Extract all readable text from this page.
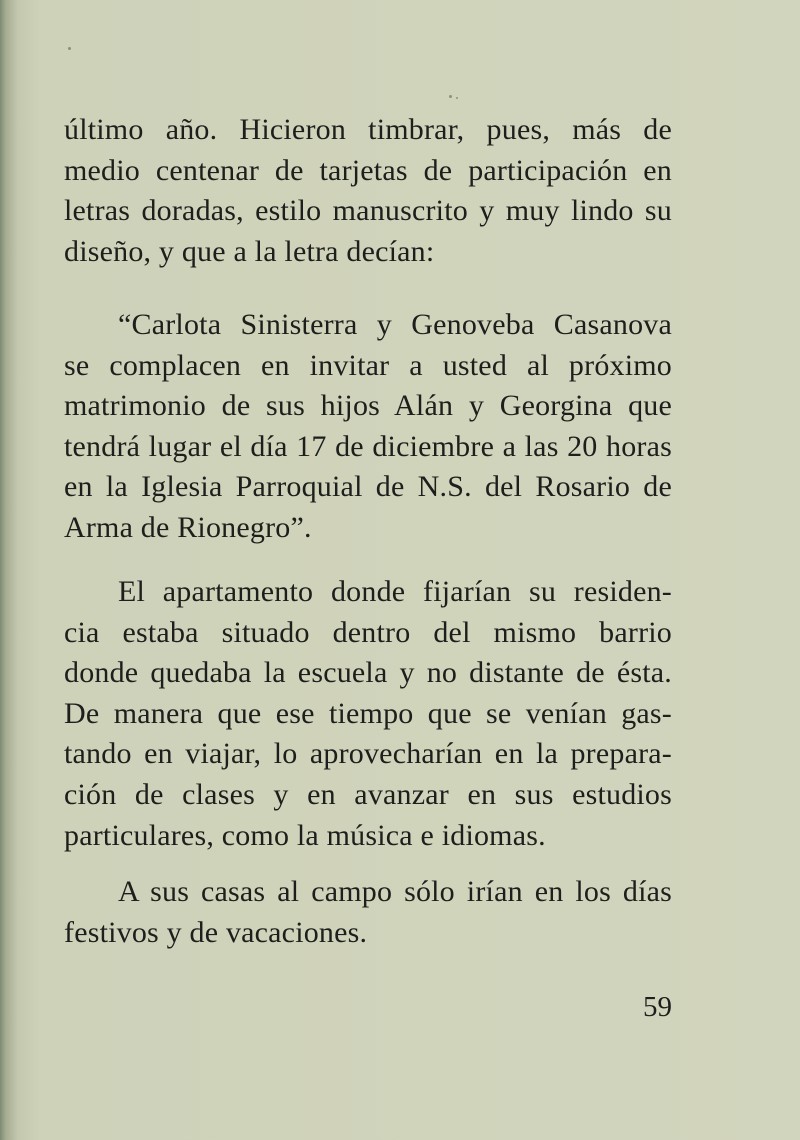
último año. Hicieron timbrar, pues, más de
medio centenar de tarjetas de participación en
letras doradas, estilo manuscrito y muy lindo su
diseño, y que a la letra decían:
“Carlota Sinisterra y Genoveba Casanova
se complacen en invitar a usted al próximo
matrimonio de sus hijos Alán y Georgina que
tendrá lugar el día 17 de diciembre a las 20 horas
en la Iglesia Parroquial de N.S. del Rosario de
Arma de Rionegro”.
El apartamento donde fijarían su residen-
cia estaba situado dentro del mismo barrio
donde quedaba la escuela y no distante de ésta.
De manera que ese tiempo que se venían gas-
tando en viajar, lo aprovecharían en la prepara-
ción de clases y en avanzar en sus estudios
particulares, como la música e idiomas.
A sus casas al campo sólo irían en los días
festivos y de vacaciones.
59
